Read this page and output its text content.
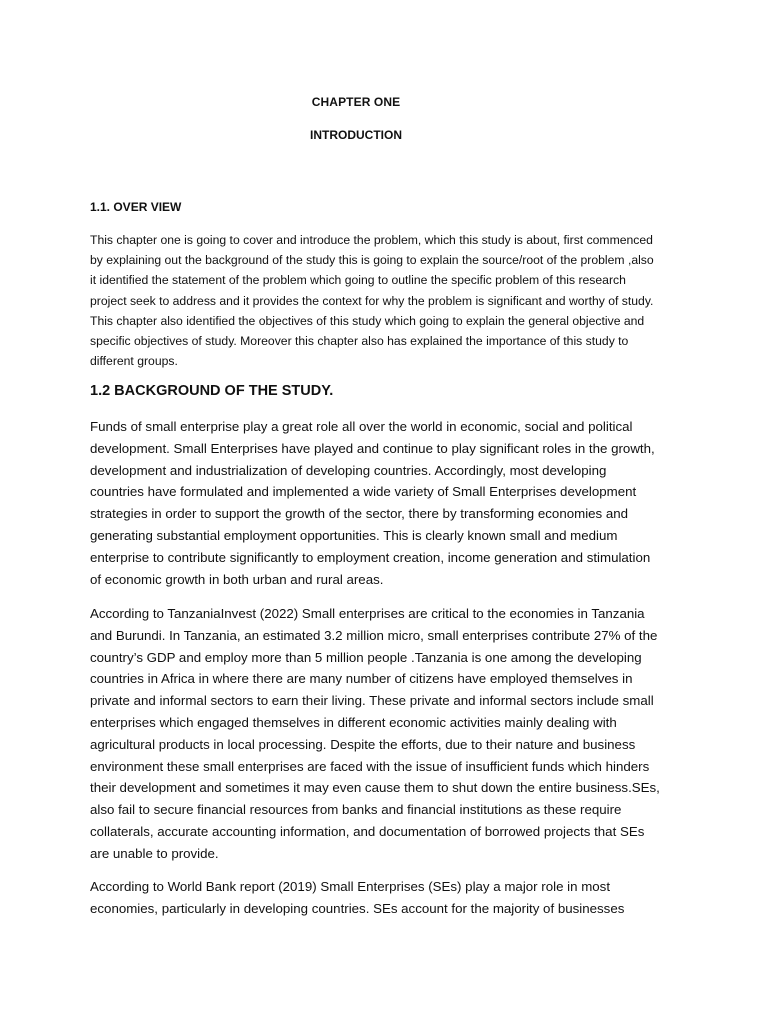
CHAPTER ONE
INTRODUCTION
1.1. OVER VIEW

This chapter one is going to cover and introduce the problem, which this study is about, first commenced by explaining out the background of the study this is going to explain the source/root of the problem ,also it identified the statement of the problem which going to outline the specific problem of this research project seek to address and it provides the context for why the problem is significant and worthy of study. This chapter also identified the objectives of this study which going to explain the general objective and specific objectives of study. Moreover this chapter also has explained the importance of this study to different groups.

1.2 BACKGROUND OF THE STUDY.

Funds of small enterprise play a great role all over the world in economic, social and political development. Small Enterprises have played and continue to play significant roles in the growth, development and industrialization of developing countries. Accordingly, most developing countries have formulated and implemented a wide variety of Small Enterprises development strategies in order to support the growth of the sector, there by transforming economies and generating substantial employment opportunities. This is clearly known small and medium enterprise to contribute significantly to employment creation, income generation and stimulation of economic growth in both urban and rural areas.

According to TanzaniaInvest (2022) Small enterprises are critical to the economies in Tanzania and Burundi. In Tanzania, an estimated 3.2 million micro, small enterprises contribute 27% of the country’s GDP and employ more than 5 million people .Tanzania is one among the developing countries in Africa in where there are many number of citizens have employed themselves in private and informal sectors to earn their living. These private and informal sectors include small enterprises which engaged themselves in different economic activities mainly dealing with agricultural products in local processing. Despite the efforts, due to their nature and business environment these small enterprises are faced with the issue of insufficient funds which hinders their development and sometimes it may even cause them to shut down the entire business.SEs, also fail to secure financial resources from banks and financial institutions as these require collaterals, accurate accounting information, and documentation of borrowed projects that SEs are unable to provide.

According to World Bank report (2019) Small Enterprises (SEs) play a major role in most economies, particularly in developing countries. SEs account for the majority of businesses
